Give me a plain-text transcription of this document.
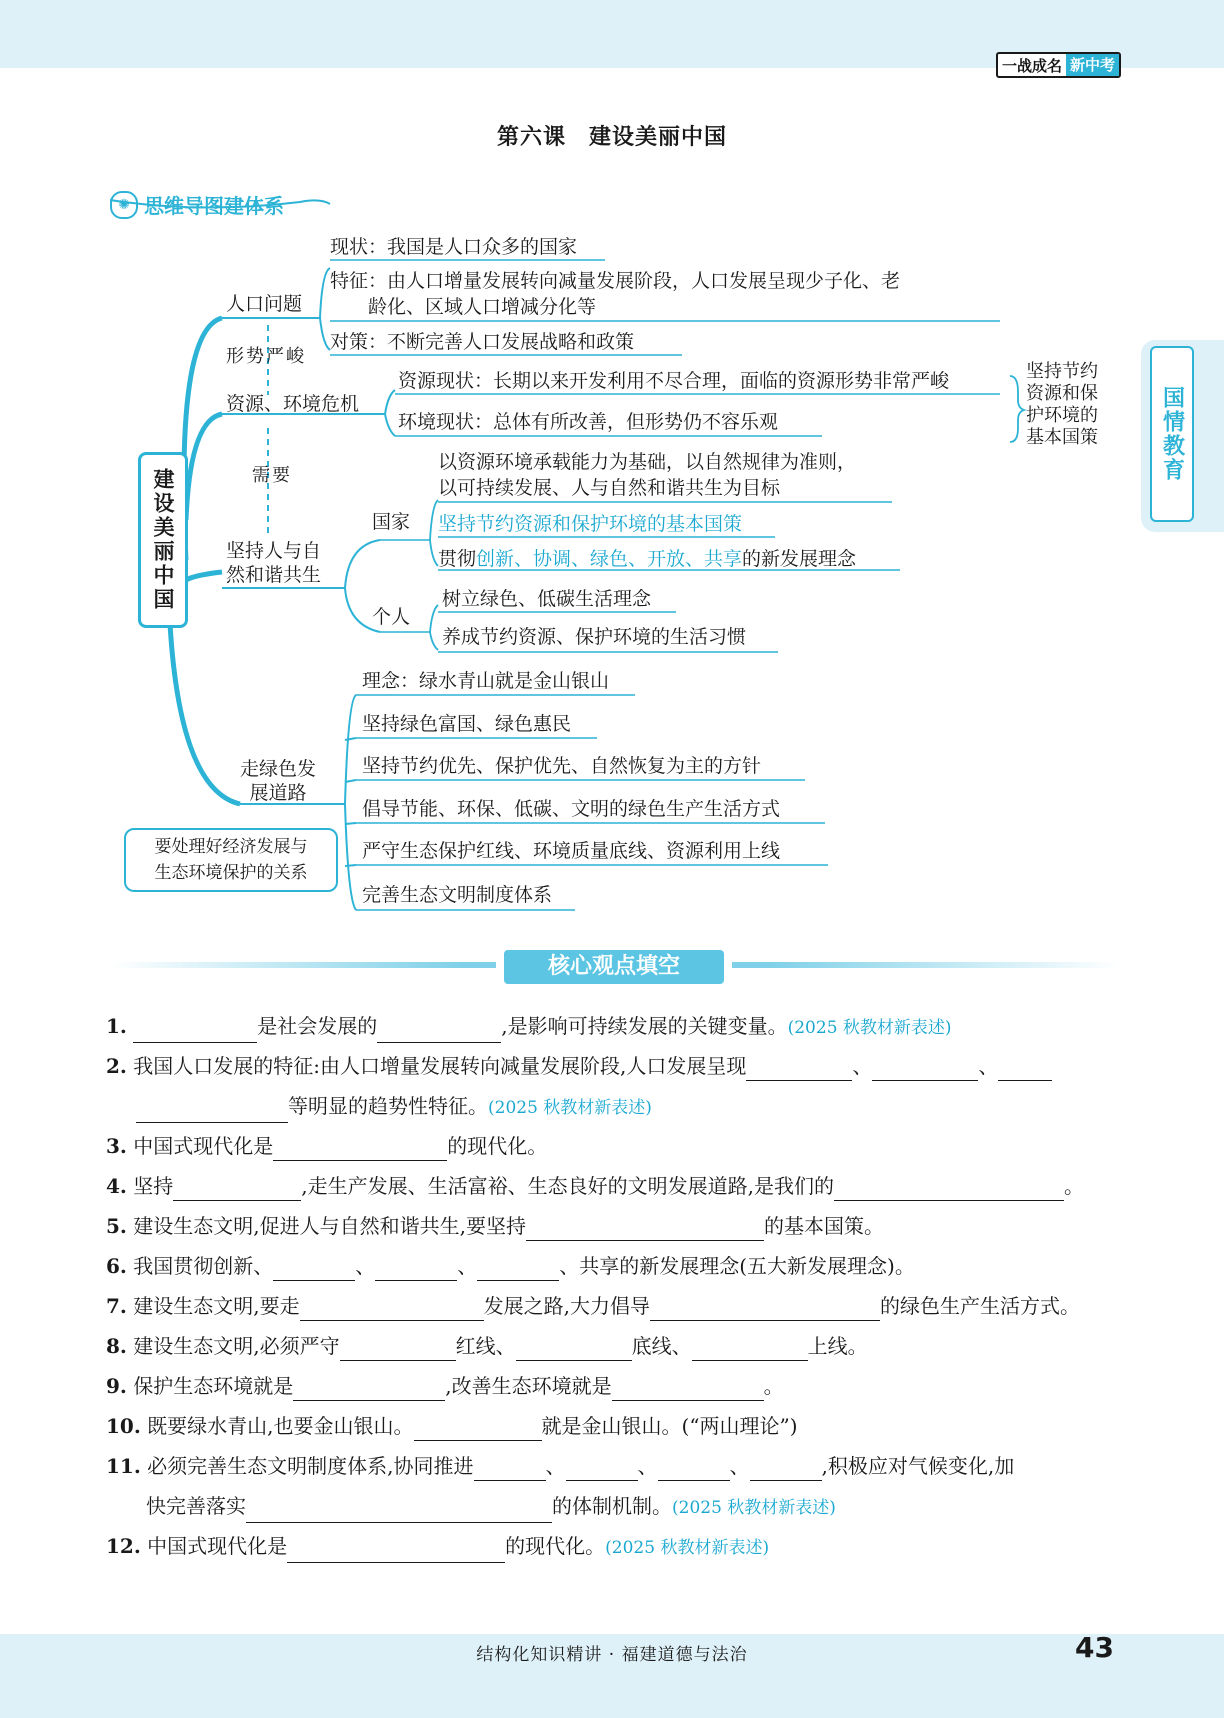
一战成名 新中考
第六课　建设美丽中国
国情教育
✺ 思维导图建体系
建设美丽中国
人口问题
现状：我国是人口众多的国家
特征：由人口增量发展转向减量发展阶段，人口发展呈现少子化、老
龄化、区域人口增减分化等
对策：不断完善人口发展战略和政策
形势严峻
资源、环境危机
资源现状：长期以来开发利用不尽合理，面临的资源形势非常严峻
环境现状：总体有所改善，但形势仍不容乐观
坚持节约
资源和保
护环境的
基本国策
需要
坚持人与自
然和谐共生
国家
以资源环境承载能力为基础，以自然规律为准则，
以可持续发展、人与自然和谐共生为目标
坚持节约资源和保护环境的基本国策
贯彻创新、协调、绿色、开放、共享的新发展理念
个人
树立绿色、低碳生活理念
养成节约资源、保护环境的生活习惯
走绿色发
展道路
理念：绿水青山就是金山银山
坚持绿色富国、绿色惠民
坚持节约优先、保护优先、自然恢复为主的方针
倡导节能、环保、低碳、文明的绿色生产生活方式
严守生态保护红线、环境质量底线、资源利用上线
完善生态文明制度体系
要处理好经济发展与
生态环境保护的关系
核心观点填空
1.	是社会发展的	,是影响可持续发展的关键变量。(2025 秋教材新表述)
2. 我国人口发展的特征:由人口增量发展转向减量发展阶段,人口发展呈现	、	、
等明显的趋势性特征。(2025 秋教材新表述)
3. 中国式现代化是	的现代化。
4. 坚持	,走生产发展、生活富裕、生态良好的文明发展道路,是我们的	。
5. 建设生态文明,促进人与自然和谐共生,要坚持	的基本国策。
6. 我国贯彻创新、	、	、	、共享的新发展理念(五大新发展理念)。
7. 建设生态文明,要走	发展之路,大力倡导	的绿色生产生活方式。
8. 建设生态文明,必须严守	红线、	底线、	上线。
9. 保护生态环境就是	,改善生态环境就是	。
10. 既要绿水青山,也要金山银山。	就是金山银山。(“两山理论”)
11. 必须完善生态文明制度体系,协同推进	、	、	、	,积极应对气候变化,加
快完善落实	的体制机制。(2025 秋教材新表述)
12. 中国式现代化是	的现代化。(2025 秋教材新表述)
结构化知识精讲 · 福建道德与法治	43
